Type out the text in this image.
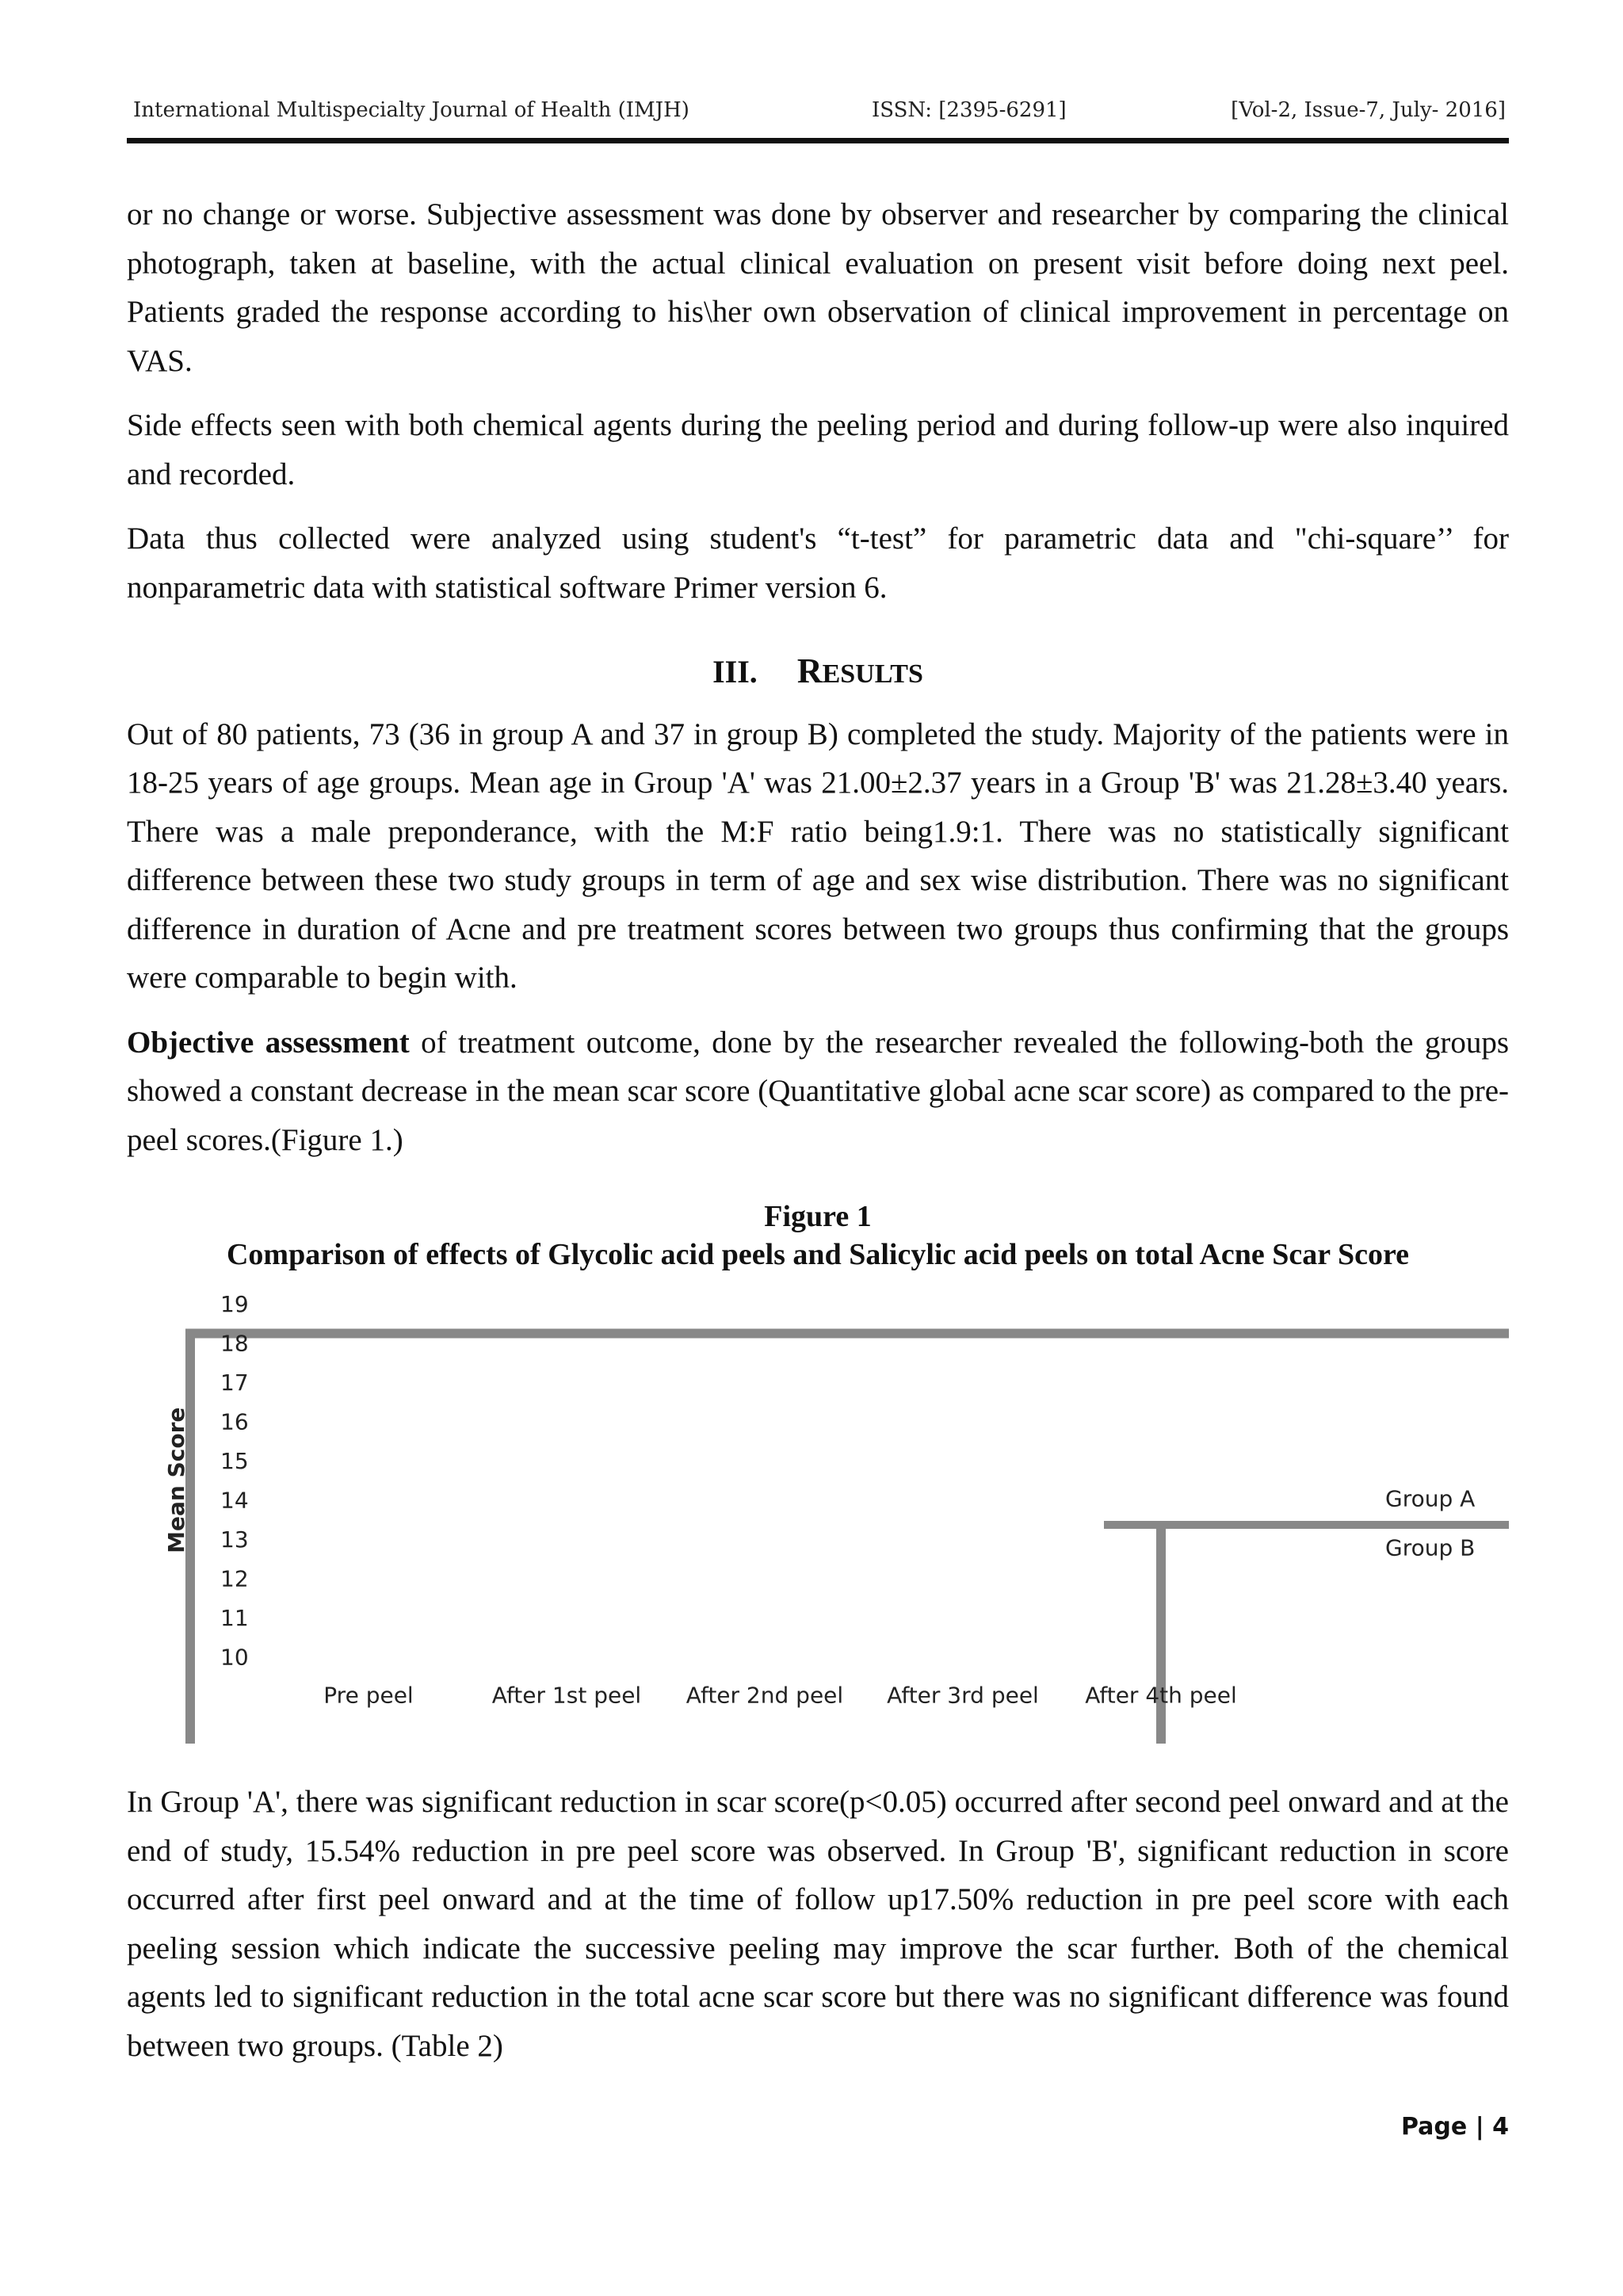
International Multispecialty Journal of Health (IMJH)	ISSN: [2395-6291]	[Vol-2, Issue-7, July- 2016]

or no change or worse. Subjective assessment was done by observer and researcher by comparing the clinical photograph, taken at baseline, with the actual clinical evaluation on present visit before doing next peel. Patients graded the response according to his\her own observation of clinical improvement in percentage on VAS.

Side effects seen with both chemical agents during the peeling period and during follow-up were also inquired and recorded.

Data thus collected were analyzed using student's “t-test” for parametric data and "chi-square’’ for nonparametric data with statistical software Primer version 6.

III. RESULTS

Out of 80 patients, 73 (36 in group A and 37 in group B) completed the study. Majority of the patients were in 18-25 years of age groups. Mean age in Group 'A' was 21.00±2.37 years in a Group 'B' was 21.28±3.40 years. There was a male preponderance, with the M:F ratio being1.9:1. There was no statistically significant difference between these two study groups in term of age and sex wise distribution. There was no significant difference in duration of Acne and pre treatment scores between two groups thus confirming that the groups were comparable to begin with.

Objective assessment of treatment outcome, done by the researcher revealed the following-both the groups showed a constant decrease in the mean scar score (Quantitative global acne scar score) as compared to the pre-peel scores.(Figure 1.)

Figure 1
Comparison of effects of Glycolic acid peels and Salicylic acid peels on total Acne Scar Score
10
11
12
13
14
15
16
17
18
19
Mean Score
Pre peel	After 1st peel After 2nd peel After 3rd peel After 4th peel
Group A
Group B

In Group 'A', there was significant reduction in scar score(p<0.05) occurred after second peel onward and at the end of study, 15.54% reduction in pre peel score was observed. In Group 'B', significant reduction in score occurred after first peel onward and at the time of follow up17.50% reduction in pre peel score with each peeling session which indicate the successive peeling may improve the scar further. Both of the chemical agents led to significant reduction in the total acne scar score but there was no significant difference was found between two groups. (Table 2)

Page | 4
